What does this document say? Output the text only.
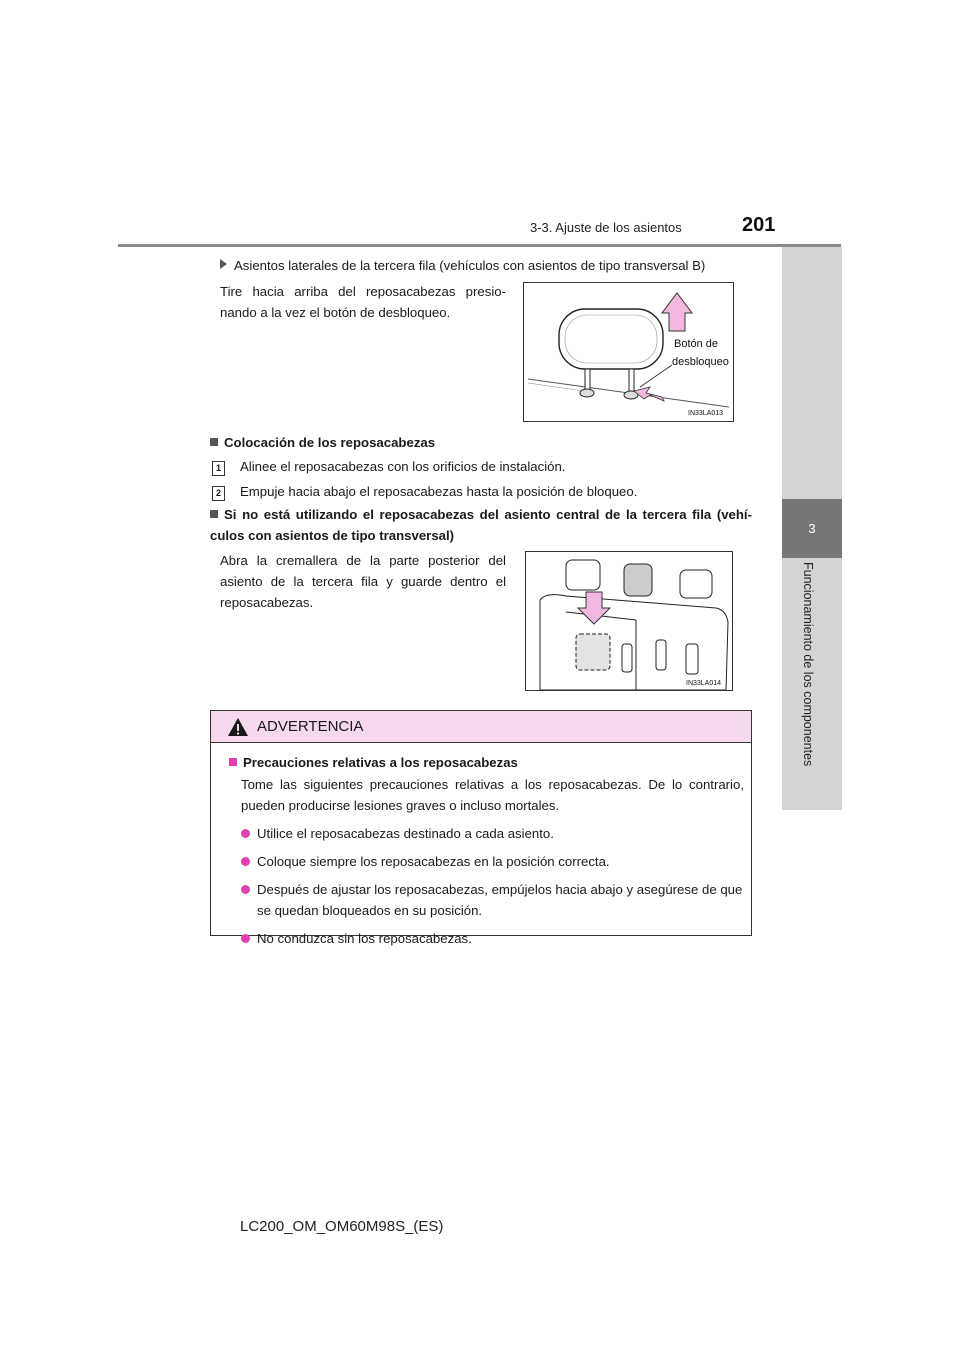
3-3. Ajuste de los asientos	201
3
Funcionamiento de los componentes
Asientos laterales de la tercera fila (vehículos con asientos de tipo transversal B)
Tire hacia arriba del reposacabezas presio- nando a la vez el botón de desbloqueo.
Botón de
desbloqueo
IN33LA013
Colocación de los reposacabezas
1 Alinee el reposacabezas con los orificios de instalación.
2 Empuje hacia abajo el reposacabezas hasta la posición de bloqueo.
Si no está utilizando el reposacabezas del asiento central de la tercera fila (vehí- culos con asientos de tipo transversal)
Abra la cremallera de la parte posterior del asiento de la tercera fila y guarde dentro el reposacabezas.
IN33LA014
ADVERTENCIA
Precauciones relativas a los reposacabezas
Tome las siguientes precauciones relativas a los reposacabezas. De lo contrario, pueden producirse lesiones graves o incluso mortales.
Utilice el reposacabezas destinado a cada asiento.
Coloque siempre los reposacabezas en la posición correcta.
Después de ajustar los reposacabezas, empújelos hacia abajo y asegúrese de que se quedan bloqueados en su posición.
No conduzca sin los reposacabezas.
LC200_OM_OM60M98S_(ES)
